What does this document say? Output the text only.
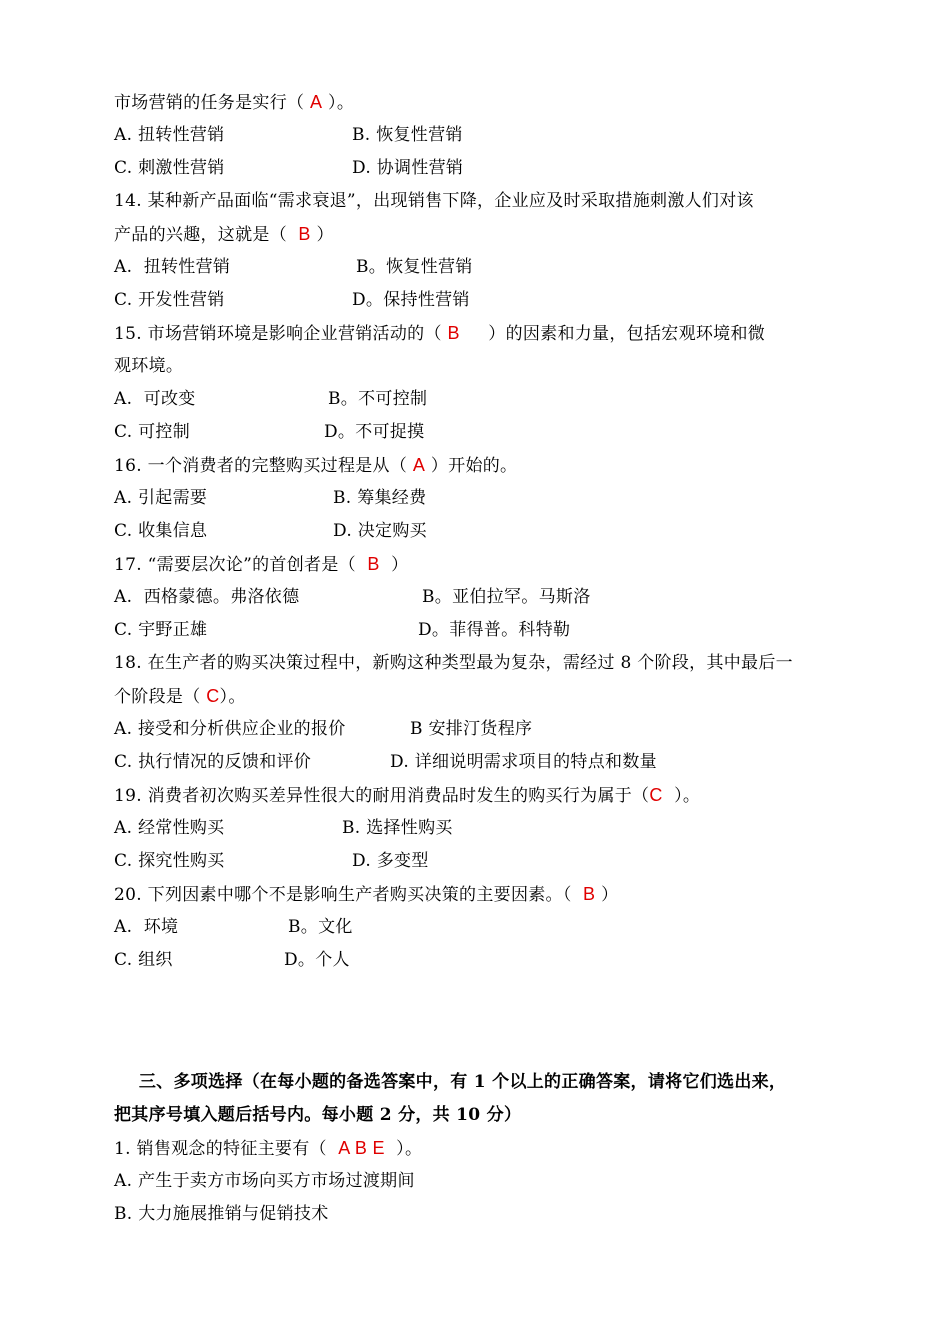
市场营销的任务是实行（ A ）。
A. 扭转性营销	B. 恢复性营销
C. 刺激性营销	D. 协调性营销
14. 某种新产品面临“需求衰退”，出现销售下降，企业应及时采取措施刺激人们对该
产品的兴趣，这就是（  B ）
A.  扭转性营销	B。恢复性营销
C. 开发性营销	D。保持性营销
15. 市场营销环境是影响企业营销活动的（ B     ）的因素和力量，包括宏观环境和微
观环境。
A.  可改变	B。不可控制
C. 可控制	D。不可捉摸
16. 一个消费者的完整购买过程是从（ A ）开始的。
A. 引起需要	B. 筹集经费
C. 收集信息	D. 决定购买
17. “需要层次论”的首创者是（  B  ）
A.  西格蒙德。弗洛依德	B。亚伯拉罕。马斯洛
C. 宇野正雄	D。菲得普。科特勒
18. 在生产者的购买决策过程中，新购这种类型最为复杂，需经过 8 个阶段，其中最后一
个阶段是（ C）。
A. 接受和分析供应企业的报价	B 安排汀货程序
C. 执行情况的反馈和评价	D. 详细说明需求项目的特点和数量
19. 消费者初次购买差异性很大的耐用消费品时发生的购买行为属于（C  ）。
A. 经常性购买	B. 选择性购买
C. 探究性购买	D. 多变型
20. 下列因素中哪个不是影响生产者购买决策的主要因素。（  B ）
A.  环境	B。文化
C. 组织	D。个人
三、多项选择（在每小题的备选答案中，有 1 个以上的正确答案，请将它们选出来，
把其序号填入题后括号内。每小题 2 分，共 10 分）
1. 销售观念的特征主要有（  A B E  ）。
A. 产生于卖方市场向买方市场过渡期间
B. 大力施展推销与促销技术
